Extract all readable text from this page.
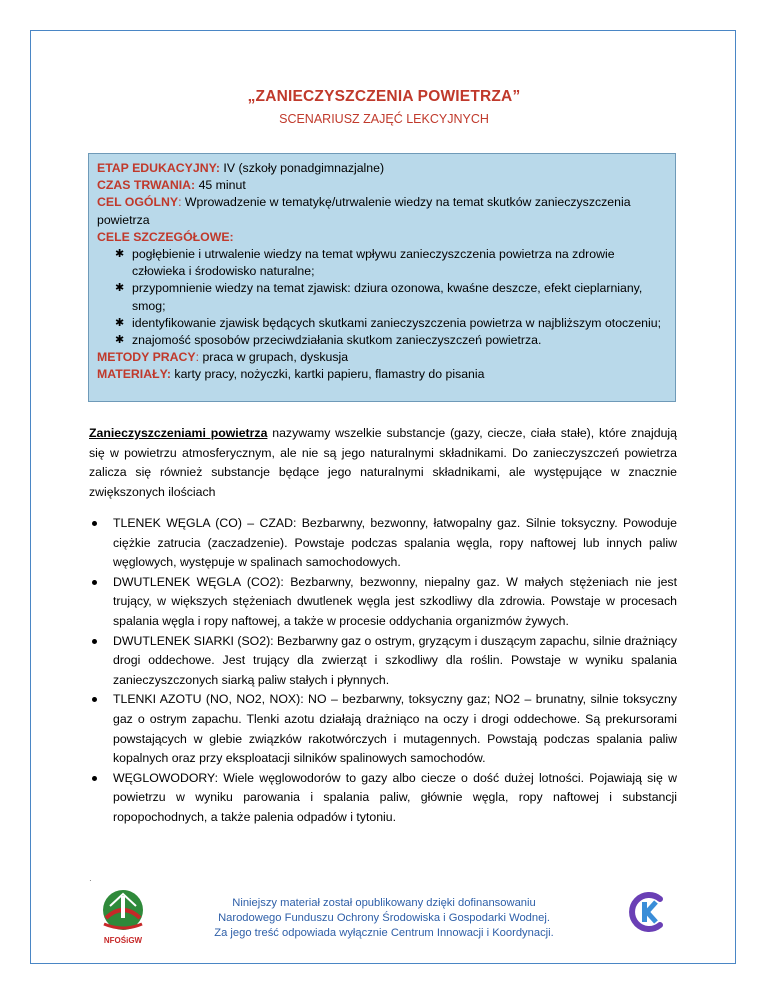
„ZANIECZYSZCZENIA POWIETRZA”
SCENARIUSZ ZAJĘĆ LEKCYJNYCH
ETAP EDUKACYJNY: IV (szkoły ponadgimnazjalne)
CZAS TRWANIA: 45 minut
CEL OGÓLNY: Wprowadzenie w tematykę/utrwalenie wiedzy na temat skutków zanieczyszczenia powietrza
CELE SZCZEGÓŁOWE:
✱ pogłębienie i utrwalenie wiedzy na temat wpływu zanieczyszczenia powietrza na zdrowie człowieka i środowisko naturalne;
✱ przypomnienie wiedzy na temat zjawisk: dziura ozonowa, kwaśne deszcze, efekt cieplarniany, smog;
✱ identyfikowanie zjawisk będących skutkami zanieczyszczenia powietrza w najbliższym otoczeniu;
✱ znajomość sposobów przeciwdziałania skutkom zanieczyszczeń powietrza.
METODY PRACY: praca w grupach, dyskusja
MATERIAŁY: karty pracy, nożyczki, kartki papieru, flamastry do pisania
Zanieczyszczeniami powietrza nazywamy wszelkie substancje (gazy, ciecze, ciała stałe), które znajdują się w powietrzu atmosferycznym, ale nie są jego naturalnymi składnikami. Do zanieczyszczeń powietrza zalicza się również substancje będące jego naturalnymi składnikami, ale występujące w znacznie zwiększonych ilościach
TLENEK WĘGLA (CO) – CZAD: Bezbarwny, bezwonny, łatwopalny gaz. Silnie toksyczny. Powoduje ciężkie zatrucia (zaczadzenie). Powstaje podczas spalania węgla, ropy naftowej lub innych paliw węglowych, występuje w spalinach samochodowych.
DWUTLENEK WĘGLA (CO2): Bezbarwny, bezwonny, niepalny gaz. W małych stężeniach nie jest trujący, w większych stężeniach dwutlenek węgla jest szkodliwy dla zdrowia. Powstaje w procesach spalania węgla i ropy naftowej, a także w procesie oddychania organizmów żywych.
DWUTLENEK SIARKI (SO2): Bezbarwny gaz o ostrym, gryzącym i duszącym zapachu, silnie drażniący drogi oddechowe. Jest trujący dla zwierząt i szkodliwy dla roślin. Powstaje w wyniku spalania zanieczyszczonych siarką paliw stałych i płynnych.
TLENKI AZOTU (NO, NO2, NOX): NO – bezbarwny, toksyczny gaz; NO2 – brunatny, silnie toksyczny gaz o ostrym zapachu. Tlenki azotu działają drażniąco na oczy i drogi oddechowe. Są prekursorami powstających w glebie związków rakotwórczych i mutagennych. Powstają podczas spalania paliw kopalnych oraz przy eksploatacji silników spalinowych samochodów.
WĘGLOWODORY: Wiele węglowodorów to gazy albo ciecze o dość dużej lotności. Pojawiają się w powietrzu w wyniku parowania i spalania paliw, głównie węgla, ropy naftowej i substancji ropopochodnych, a także palenia odpadów i tytoniu.
·
NFOŚiGW
Niniejszy materiał został opublikowany dzięki dofinansowaniu
Narodowego Funduszu Ochrony Środowiska i Gospodarki Wodnej.
Za jego treść odpowiada wyłącznie Centrum Innowacji i Koordynacji.
